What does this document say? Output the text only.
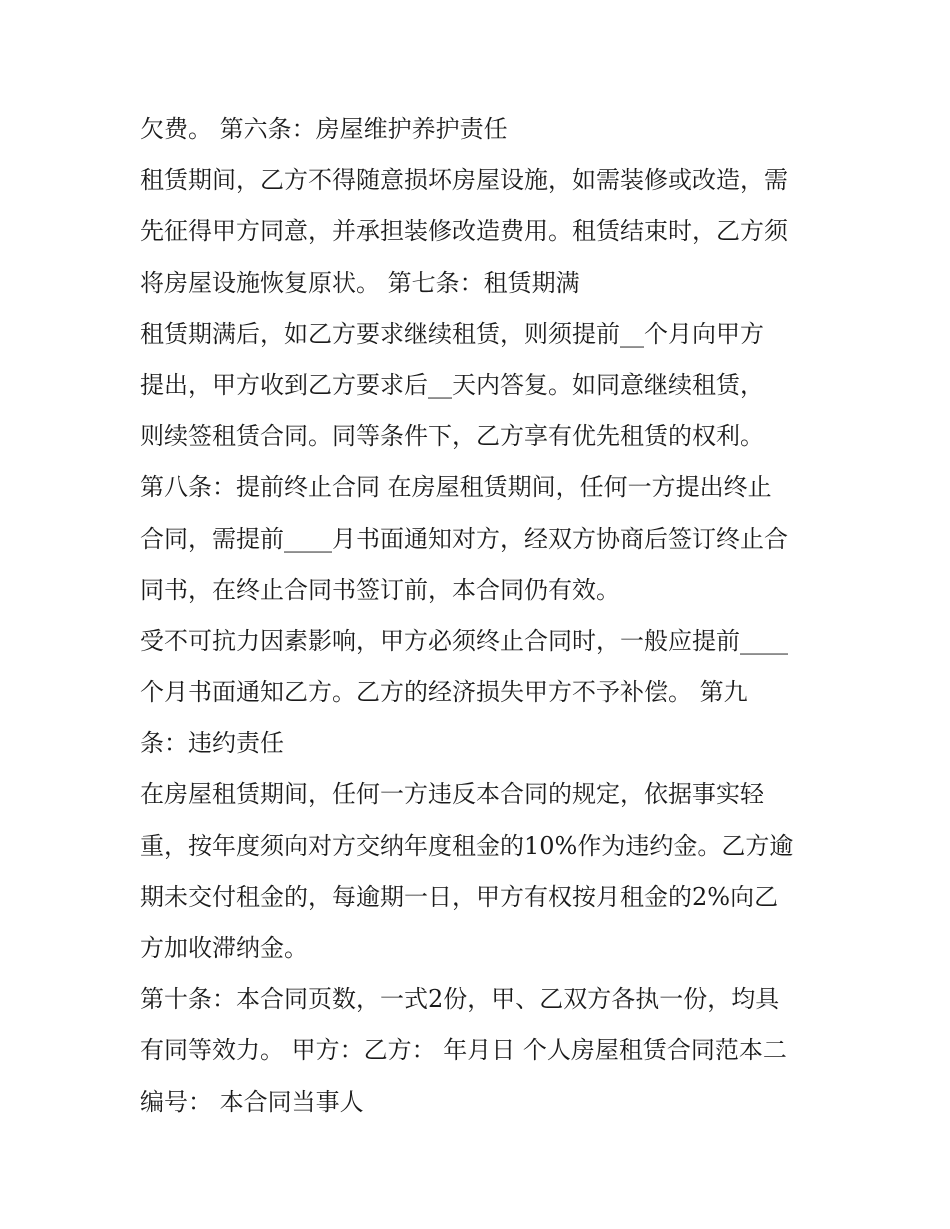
欠费。 第六条：房屋维护养护责任
租赁期间，乙方不得随意损坏房屋设施，如需装修或改造，需
先征得甲方同意，并承担装修改造费用。租赁结束时，乙方须
将房屋设施恢复原状。 第七条：租赁期满
租赁期满后，如乙方要求继续租赁，则须提前__个月向甲方
提出，甲方收到乙方要求后__天内答复。如同意继续租赁，
则续签租赁合同。同等条件下，乙方享有优先租赁的权利。
第八条：提前终止合同 在房屋租赁期间，任何一方提出终止
合同，需提前____月书面通知对方，经双方协商后签订终止合
同书，在终止合同书签订前，本合同仍有效。
受不可抗力因素影响，甲方必须终止合同时，一般应提前____
个月书面通知乙方。乙方的经济损失甲方不予补偿。 第九
条：违约责任
在房屋租赁期间，任何一方违反本合同的规定，依据事实轻
重，按年度须向对方交纳年度租金的10%作为违约金。乙方逾
期未交付租金的，每逾期一日，甲方有权按月租金的2%向乙
方加收滞纳金。
第十条：本合同页数，一式2份，甲、乙双方各执一份，均具
有同等效力。 甲方：乙方： 年月日 个人房屋租赁合同范本二
编号： 本合同当事人
